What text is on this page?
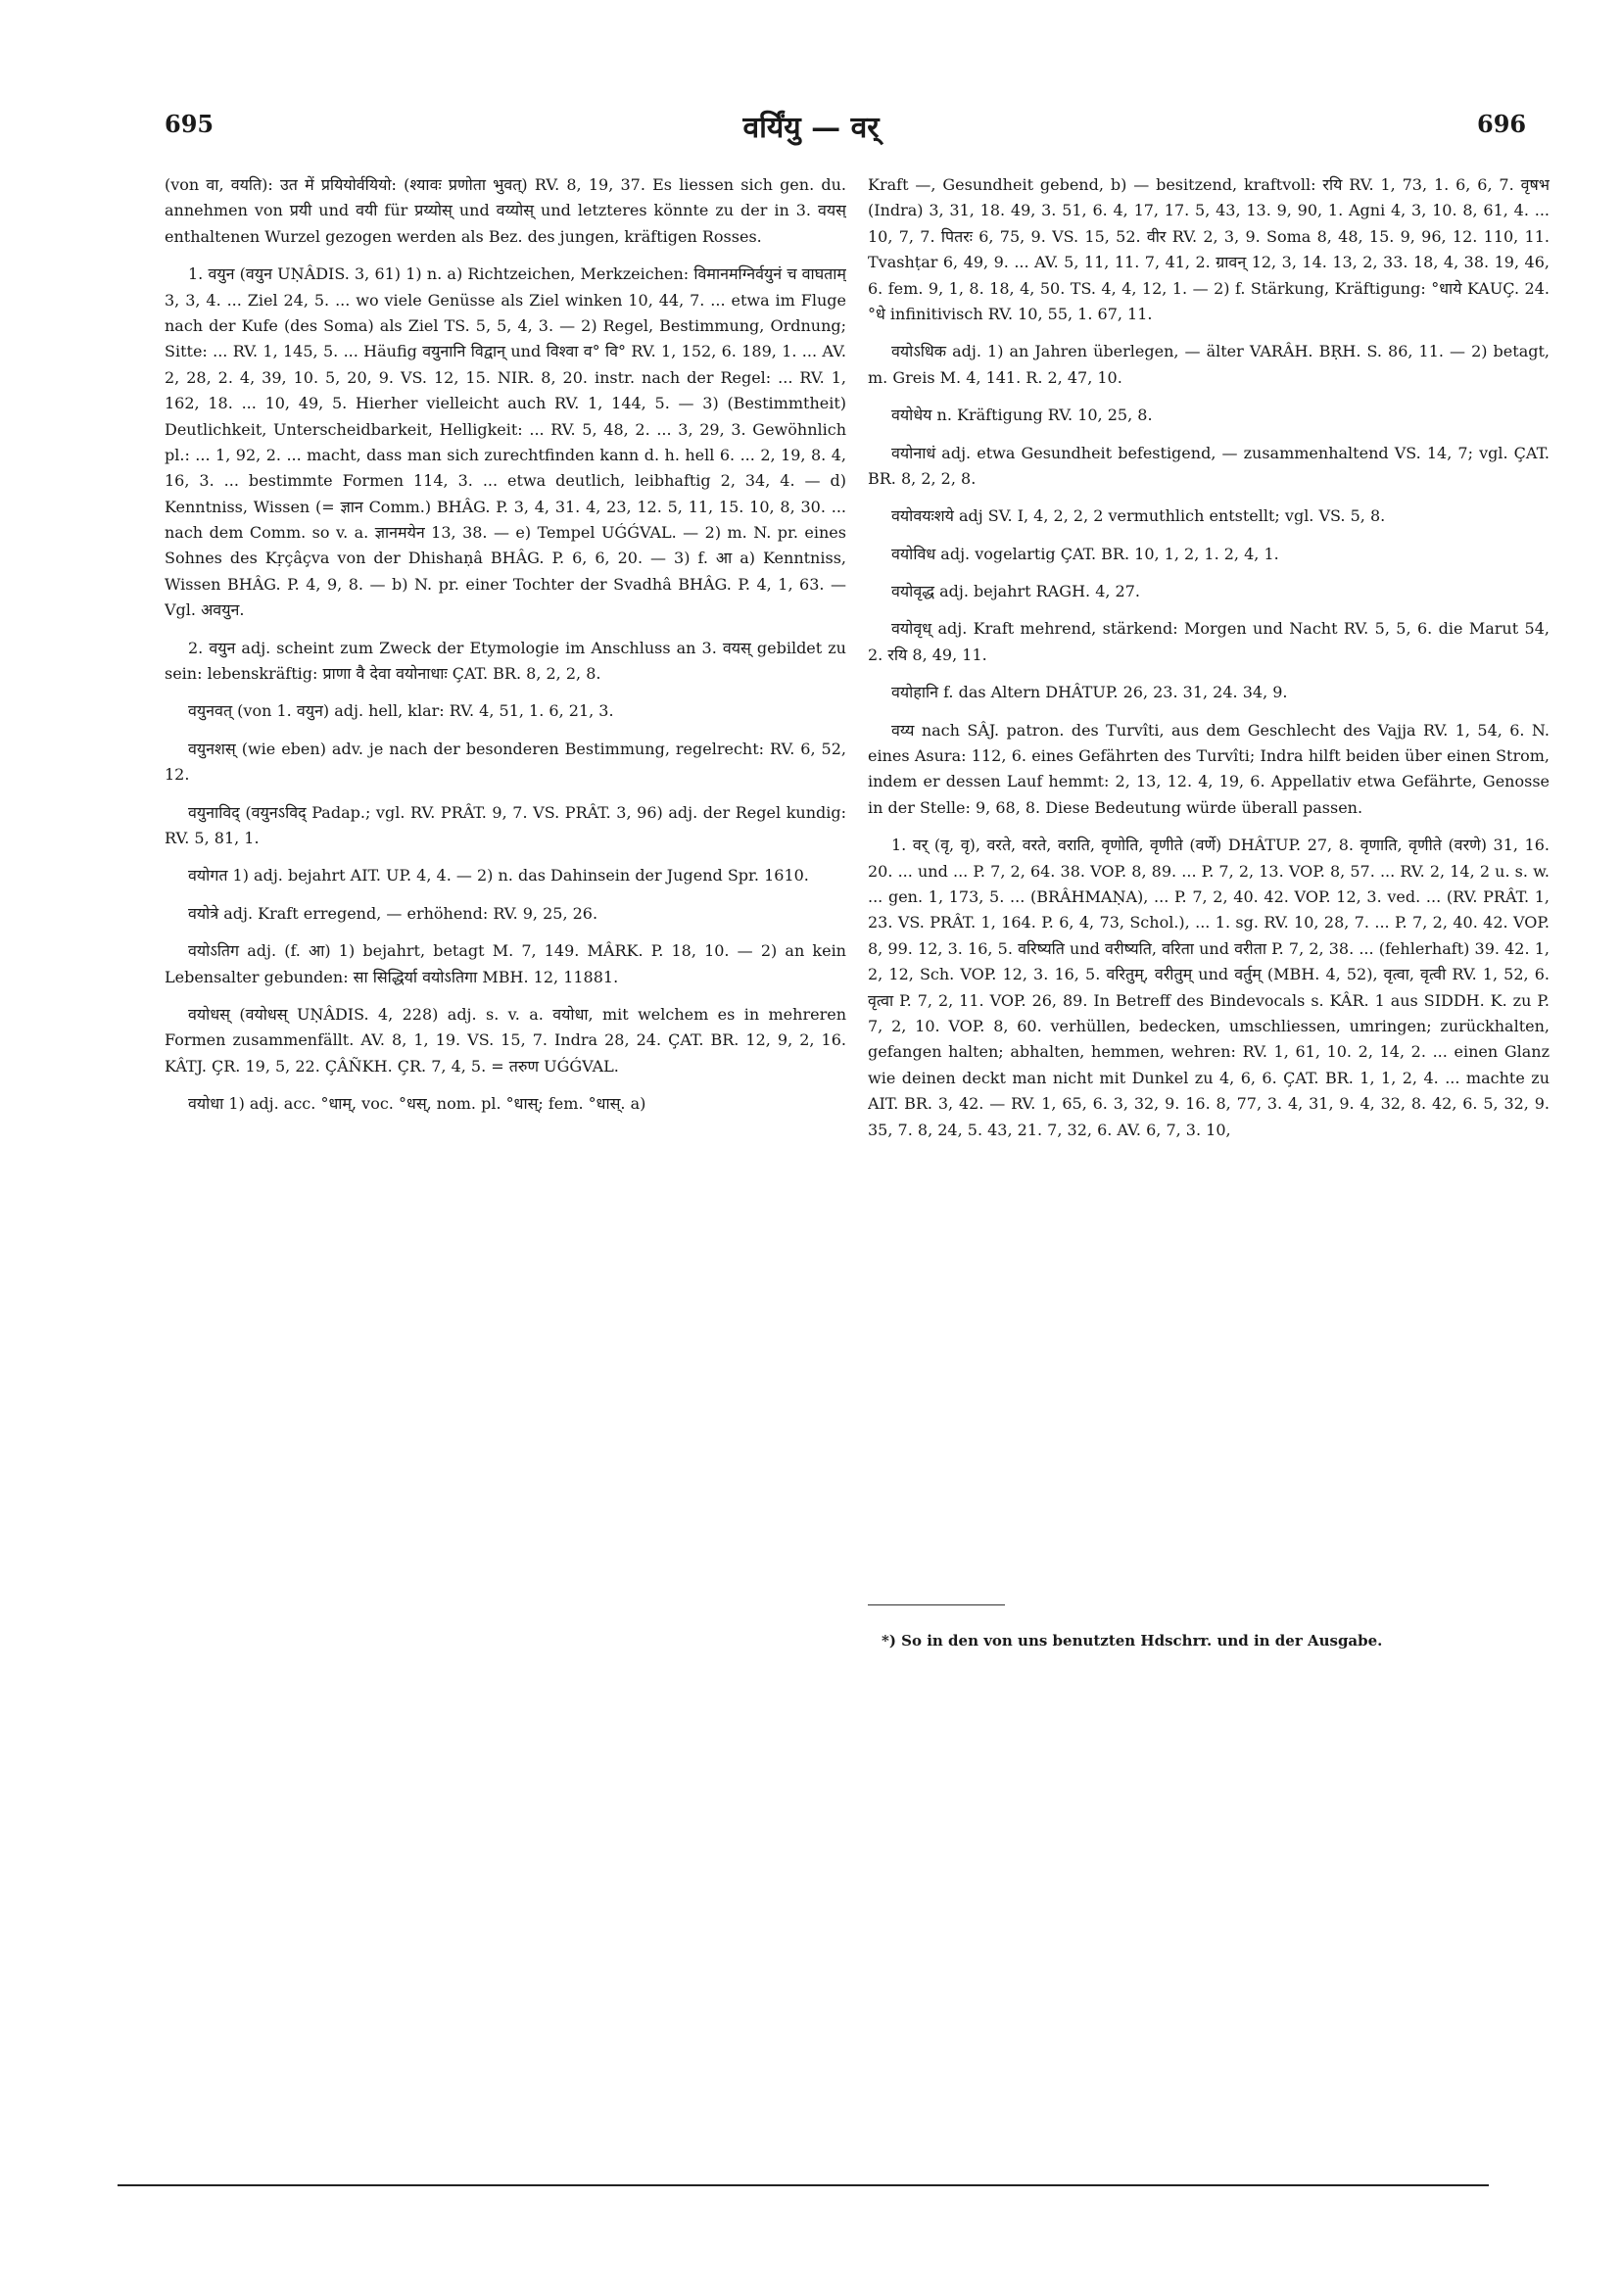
695	वर्यिंयु — वर्	696

(von वा, वयति): उत में प्रयियोर्वयियो: (श्यावः प्रणोता भुवत्) RV. 8, 19, 37. Es liessen sich gen. du. annehmen von प्रयी und वयी für प्रय्योस् und वय्योस् und letzteres könnte zu der in 3. वयस् enthaltenen Wurzel gezogen werden als Bez. des jungen, kräftigen Rosses.

1. वयुन (वयुन UṆÂDIS. 3, 61) 1) n. a) Richtzeichen, Merkzeichen: विमानमग्निर्वयुनं च वाघताम् 3, 3, 4. ... Ziel 24, 5. ... wo viele Genüsse als Ziel winken 10, 44, 7. ... etwa im Fluge nach der Kufe (des Soma) als Ziel TS. 5, 5, 4, 3. — 2) Regel, Bestimmung, Ordnung; Sitte: ... RV. 1, 145, 5. ... Häufig वयुनानि विद्वान् und विश्वा व° वि° RV. 1, 152, 6. 189, 1. ... AV. 2, 28, 2. 4, 39, 10. 5, 20, 9. VS. 12, 15. NIR. 8, 20. instr. nach der Regel: ... RV. 1, 162, 18. ... 10, 49, 5. Hierher vielleicht auch RV. 1, 144, 5. — 3) (Bestimmtheit) Deutlichkeit, Unterscheidbarkeit, Helligkeit: ... RV. 5, 48, 2. ... 3, 29, 3. Gewöhnlich pl.: ... 1, 92, 2. ... macht, dass man sich zurechtfinden kann d. h. hell 6. ... 2, 19, 8. 4, 16, 3. ... bestimmte Formen 114, 3. ... etwa deutlich, leibhaftig 2, 34, 4. — d) Kenntniss, Wissen (= ज्ञान Comm.) BHÂG. P. 3, 4, 31. 4, 23, 12. 5, 11, 15. 10, 8, 30. ... nach dem Comm. so v. a. ज्ञानमयेन 13, 38. — e) Tempel UǴǴVAL. — 2) m. N. pr. eines Sohnes des Kṛçâçva von der Dhishaṇâ BHÂG. P. 6, 6, 20. — 3) f. आ a) Kenntniss, Wissen BHÂG. P. 4, 9, 8. — b) N. pr. einer Tochter der Svadhâ BHÂG. P. 4, 1, 63. — Vgl. अवयुन.

2. वयुन adj. scheint zum Zweck der Etymologie im Anschluss an 3. वयस् gebildet zu sein: lebenskräftig: प्राणा वै देवा वयोनाधाः ÇAT. BR. 8, 2, 2, 8.

वयुनवत् (von 1. वयुन) adj. hell, klar: RV. 4, 51, 1. 6, 21, 3.

वयुनशस् (wie eben) adv. je nach der besonderen Bestimmung, regelrecht: RV. 6, 52, 12.

वयुनाविद् (वयुनऽविद् Padap.; vgl. RV. PRÂT. 9, 7. VS. PRÂT. 3, 96) adj. der Regel kundig: RV. 5, 81, 1.

वयोगत 1) adj. bejahrt AIT. UP. 4, 4. — 2) n. das Dahinsein der Jugend Spr. 1610.

वयोत्रे adj. Kraft erregend, — erhöhend: RV. 9, 25, 26.

वयोऽतिग adj. (f. आ) 1) bejahrt, betagt M. 7, 149. MÂRK. P. 18, 10. — 2) an kein Lebensalter gebunden: सा सिद्धिर्या वयोऽतिगा MBH. 12, 11881.

वयोधस् (वयोधस् UṆÂDIS. 4, 228) adj. s. v. a. वयोधा, mit welchem es in mehreren Formen zusammenfällt. AV. 8, 1, 19. VS. 15, 7. Indra 28, 24. ÇAT. BR. 12, 9, 2, 16. KÂTJ. ÇR. 19, 5, 22. ÇÂÑKH. ÇR. 7, 4, 5. = तरुण UǴǴVAL.

वयोधा 1) adj. acc. °धाम्, voc. °धस्, nom. pl. °धास्; fem. °धास्. a)

Kraft —, Gesundheit gebend, b) — besitzend, kraftvoll: रयि RV. 1, 73, 1. 6, 6, 7. वृषभ (Indra) 3, 31, 18. 49, 3. 51, 6. 4, 17, 17. 5, 43, 13. 9, 90, 1. Agni 4, 3, 10. 8, 61, 4. ... 10, 7, 7. पितरः 6, 75, 9. VS. 15, 52. वीर RV. 2, 3, 9. Soma 8, 48, 15. 9, 96, 12. 110, 11. Tvashṭar 6, 49, 9. ... AV. 5, 11, 11. 7, 41, 2. ग्रावन् 12, 3, 14. 13, 2, 33. 18, 4, 38. 19, 46, 6. fem. 9, 1, 8. 18, 4, 50. TS. 4, 4, 12, 1. — 2) f. Stärkung, Kräftigung: °धाये KAUÇ. 24. °धे infinitivisch RV. 10, 55, 1. 67, 11.

वयोऽधिक adj. 1) an Jahren überlegen, — älter VARÂH. BṚH. S. 86, 11. — 2) betagt, m. Greis M. 4, 141. R. 2, 47, 10.

वयोधेय n. Kräftigung RV. 10, 25, 8.

वयोनाधं adj. etwa Gesundheit befestigend, — zusammenhaltend VS. 14, 7; vgl. ÇAT. BR. 8, 2, 2, 8.

वयोवयःशये adj SV. I, 4, 2, 2, 2 vermuthlich entstellt; vgl. VS. 5, 8.

वयोविध adj. vogelartig ÇAT. BR. 10, 1, 2, 1. 2, 4, 1.

वयोवृद्ध adj. bejahrt RAGH. 4, 27.

वयोवृध् adj. Kraft mehrend, stärkend: Morgen und Nacht RV. 5, 5, 6. die Marut 54, 2. रयि 8, 49, 11.

वयोहानि f. das Altern DHÂTUP. 26, 23. 31, 24. 34, 9.

वय्य nach SÂJ. patron. des Turvîti, aus dem Geschlecht des Vajja RV. 1, 54, 6. N. eines Asura: 112, 6. eines Gefährten des Turvîti; Indra hilft beiden über einen Strom, indem er dessen Lauf hemmt: 2, 13, 12. 4, 19, 6. Appellativ etwa Gefährte, Genosse in der Stelle: 9, 68, 8. Diese Bedeutung würde überall passen.

1. वर् (वृ, वृ), वरते, वरते, वराति, वृणोति, वृणीते (वर्णे) DHÂTUP. 27, 8. वृणाति, वृणीते (वरणे) 31, 16. 20. ... und ... P. 7, 2, 64. 38. VOP. 8, 89. ... P. 7, 2, 13. VOP. 8, 57. ... RV. 2, 14, 2 u. s. w. ... gen. 1, 173, 5. ... (BRÂHMAṆA), ... P. 7, 2, 40. 42. VOP. 12, 3. ved. ... (RV. PRÂT. 1, 23. VS. PRÂT. 1, 164. P. 6, 4, 73, Schol.), ... 1. sg. RV. 10, 28, 7. ... P. 7, 2, 40. 42. VOP. 8, 99. 12, 3. 16, 5. वरिष्यति und वरीष्यति, वरिता und वरीता P. 7, 2, 38. ... (fehlerhaft) 39. 42. 1, 2, 12, Sch. VOP. 12, 3. 16, 5. वरितुम्, वरीतुम् und वर्तुम् (MBH. 4, 52), वृत्वा, वृत्वी RV. 1, 52, 6. वृत्वा P. 7, 2, 11. VOP. 26, 89. In Betreff des Bindevocals s. KÂR. 1 aus SIDDH. K. zu P. 7, 2, 10. VOP. 8, 60. verhüllen, bedecken, umschliessen, umringen; zurückhalten, gefangen halten; abhalten, hemmen, wehren: RV. 1, 61, 10. 2, 14, 2. ... einen Glanz wie deinen deckt man nicht mit Dunkel zu 4, 6, 6. ÇAT. BR. 1, 1, 2, 4. ... machte zu AIT. BR. 3, 42. — RV. 1, 65, 6. 3, 32, 9. 16. 8, 77, 3. 4, 31, 9. 4, 32, 8. 42, 6. 5, 32, 9. 35, 7. 8, 24, 5. 43, 21. 7, 32, 6. AV. 6, 7, 3. 10,

*) So in den von uns benutzten Hdschrr. und in der Ausgabe.
